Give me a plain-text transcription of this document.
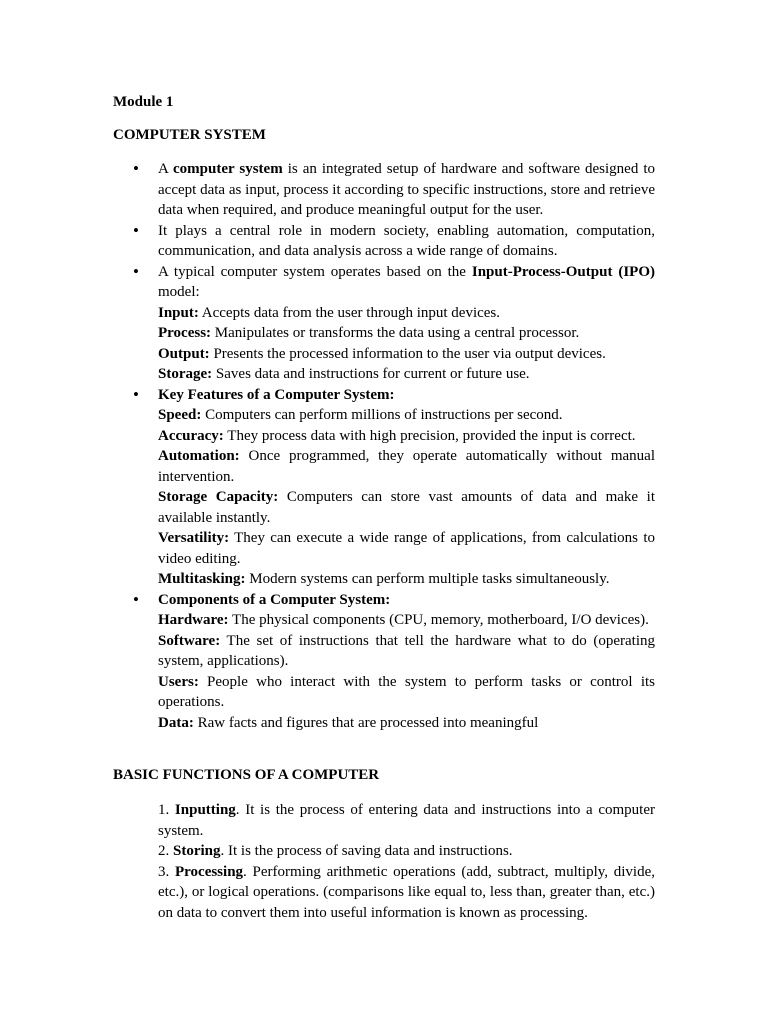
Module 1
COMPUTER SYSTEM
• A computer system is an integrated setup of hardware and software designed to accept data as input, process it according to specific instructions, store and retrieve data when required, and produce meaningful output for the user.
• It plays a central role in modern society, enabling automation, computation, communication, and data analysis across a wide range of domains.
• A typical computer system operates based on the Input-Process-Output (IPO) model:
Input: Accepts data from the user through input devices.
Process: Manipulates or transforms the data using a central processor.
Output: Presents the processed information to the user via output devices.
Storage: Saves data and instructions for current or future use.
• Key Features of a Computer System:
Speed: Computers can perform millions of instructions per second.
Accuracy: They process data with high precision, provided the input is correct.
Automation: Once programmed, they operate automatically without manual intervention.
Storage Capacity: Computers can store vast amounts of data and make it available instantly.
Versatility: They can execute a wide range of applications, from calculations to video editing.
Multitasking: Modern systems can perform multiple tasks simultaneously.
• Components of a Computer System:
Hardware: The physical components (CPU, memory, motherboard, I/O devices).
Software: The set of instructions that tell the hardware what to do (operating system, applications).
Users: People who interact with the system to perform tasks or control its operations.
Data: Raw facts and figures that are processed into meaningful
BASIC FUNCTIONS OF A COMPUTER
1. Inputting. It is the process of entering data and instructions into a computer system.
2. Storing. It is the process of saving data and instructions.
3. Processing. Performing arithmetic operations (add, subtract, multiply, divide, etc.), or logical operations. (comparisons like equal to, less than, greater than, etc.) on data to convert them into useful information is known as processing.
